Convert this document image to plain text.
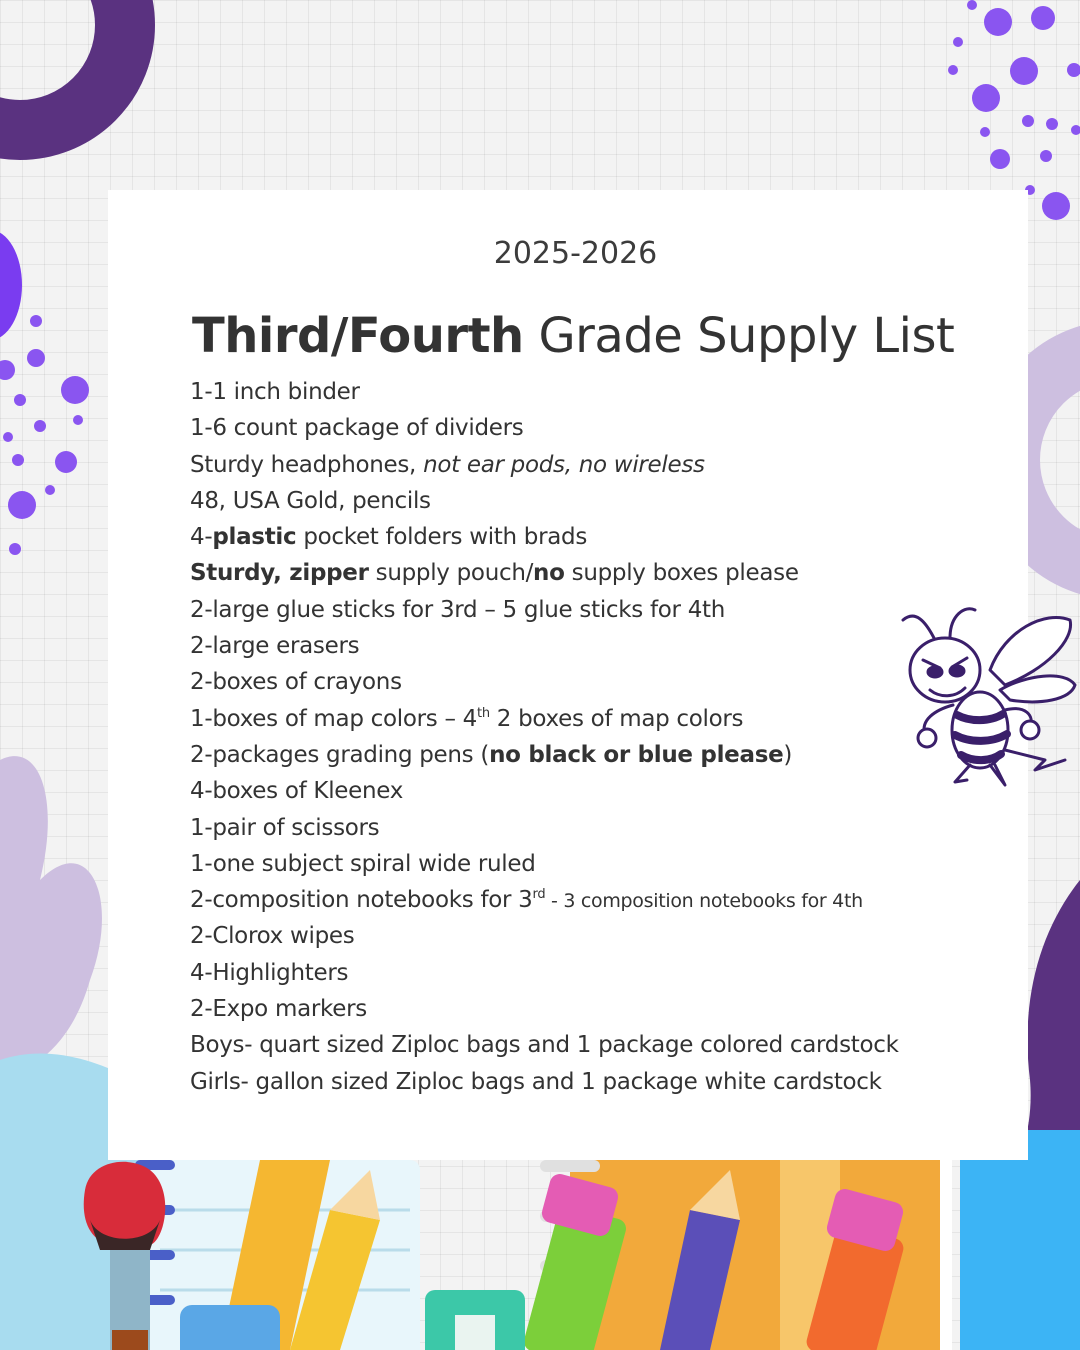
2025-2026
Third/Fourth Grade Supply List
1-1 inch binder
1-6 count package of dividers
Sturdy headphones, not ear pods, no wireless
48, USA Gold, pencils
4-plastic pocket folders with brads
Sturdy, zipper supply pouch/no supply boxes please
2-large glue sticks for 3rd – 5 glue sticks for 4th
2-large erasers
2-boxes of crayons
1-boxes of map colors – 4th 2 boxes of map colors
2-packages grading pens (no black or blue please)
4-boxes of Kleenex
1-pair of scissors
1-one subject spiral wide ruled
2-composition notebooks for 3rd - 3 composition notebooks for 4th
2-Clorox wipes
4-Highlighters
2-Expo markers
Boys- quart sized Ziploc bags and 1 package colored cardstock
Girls- gallon sized Ziploc bags and 1 package white cardstock
